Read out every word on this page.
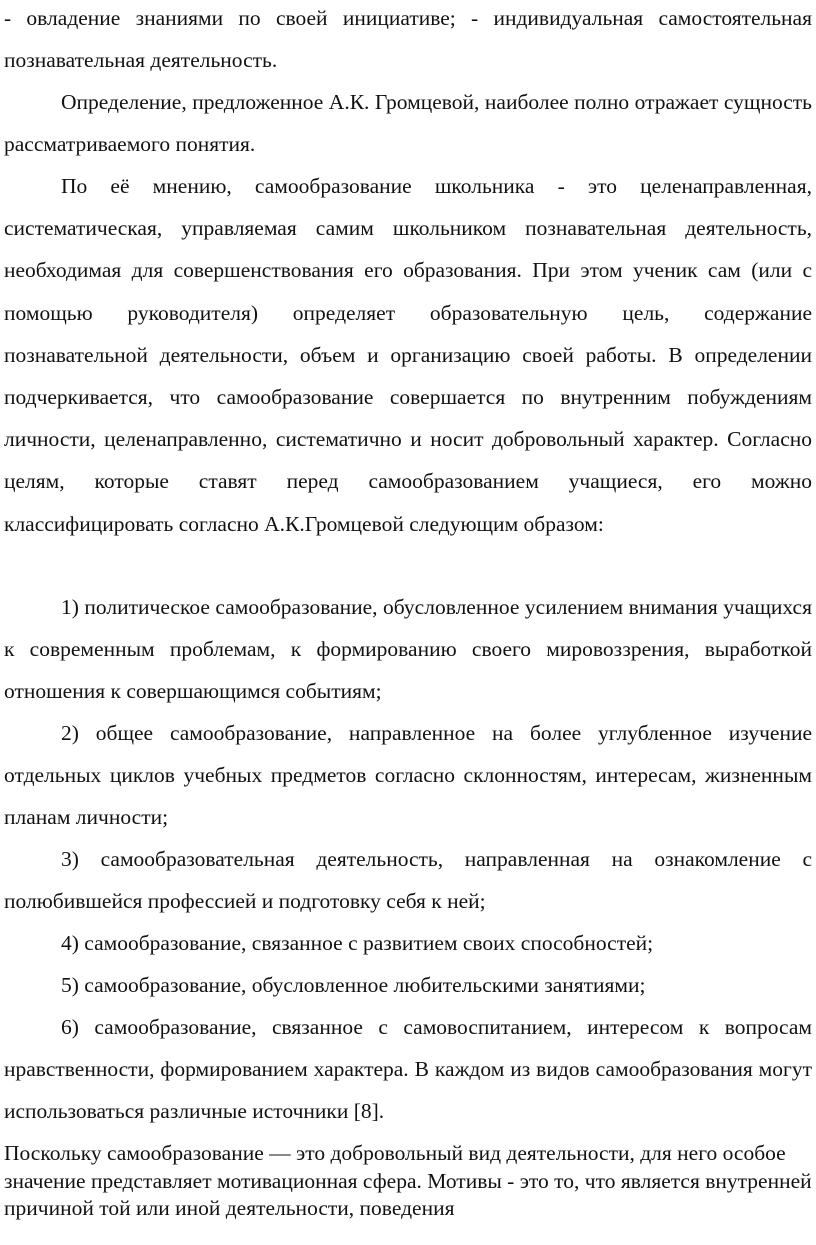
- овладение знаниями по своей инициативе; - индивидуальная самостоятельная познавательная деятельность.

Определение, предложенное А.К. Громцевой, наиболее полно отражает сущность рассматриваемого понятия.

По её мнению, самообразование школьника - это целенаправленная, систематическая, управляемая самим школьником познавательная деятельность, необходимая для совершенствования его образования. При этом ученик сам (или с помощью руководителя) определяет образовательную цель, содержание познавательной деятельности, объем и организацию своей работы. В определении подчеркивается, что самообразование совершается по внутренним побуждениям личности, целенаправленно, систематично и носит добровольный характер. Согласно целям, которые ставят перед самообразованием учащиеся, его можно классифицировать согласно А.К.Громцевой следующим образом:

1) политическое самообразование, обусловленное усилением внимания учащихся к современным проблемам, к формированию своего мировоззрения, выработкой отношения к совершающимся событиям;

2) общее самообразование, направленное на более углубленное изучение отдельных циклов учебных предметов согласно склонностям, интересам, жизненным планам личности;

3) самообразовательная деятельность, направленная на ознакомление с полюбившейся профессией и подготовку себя к ней;

4) самообразование, связанное с развитием своих способностей;

5) самообразование, обусловленное любительскими занятиями;

6) самообразование, связанное с самовоспитанием, интересом к вопросам нравственности, формированием характера. В каждом из видов самообразования могут использоваться различные источники [8].

Поскольку самообразование — это добровольный вид деятельности, для него особое значение представляет мотивационная сфера. Мотивы - это то, что является внутренней причиной той или иной деятельности, поведения
